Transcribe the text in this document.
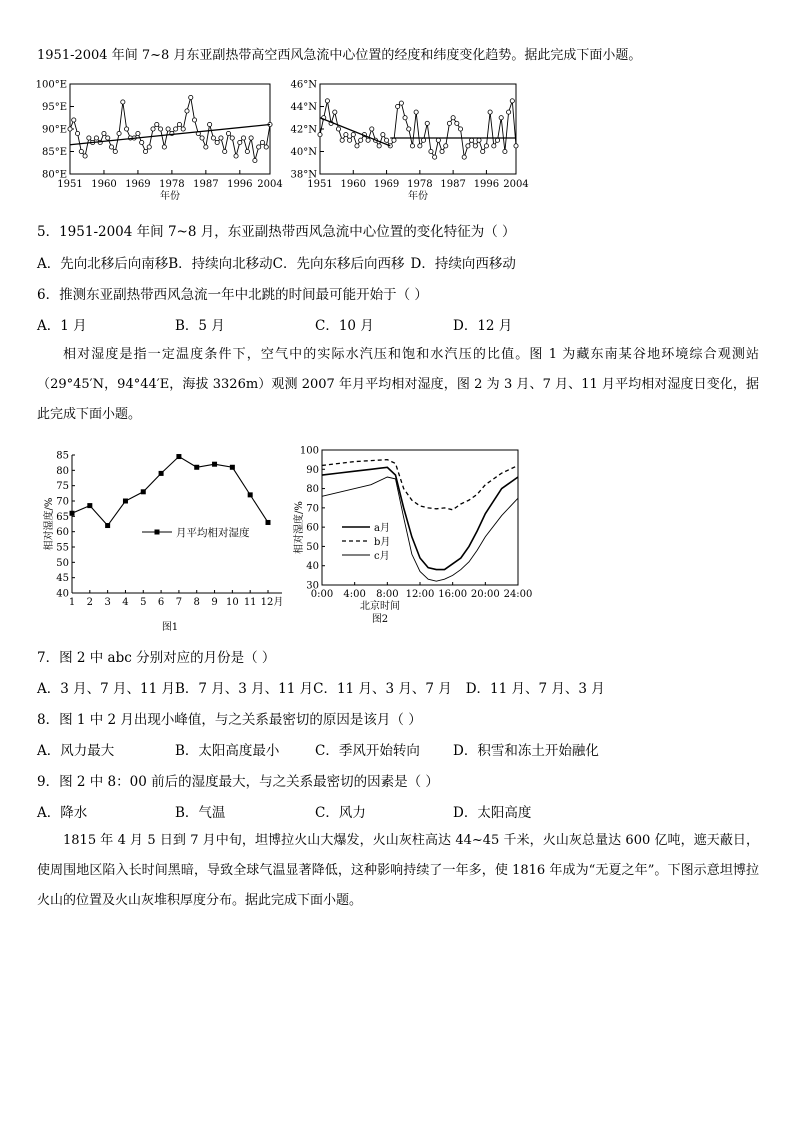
1951-2004 年间 7~8 月东亚副热带高空西风急流中心位置的经度和纬度变化趋势。据此完成下面小题。
80°E
85°E
90°E
95°E
100°E
1951 1960 1969 1978 1987 1996 2004
年份
38°N
40°N
42°N
44°N
46°N
1951 1960 1969 1978 1987 1996 2004
年份
5．1951-2004 年间 7~8 月，东亚副热带西风急流中心位置的变化特征为（ ）
A．先向北移后向南移B．持续向北移动C．先向东移后向西移 D．持续向西移动
6．推测东亚副热带西风急流一年中北跳的时间最可能开始于（ ）
A．1 月	B．5 月	C．10 月	D．12 月
相对湿度是指一定温度条件下，空气中的实际水汽压和饱和水汽压的比值。图 1 为藏东南某谷地环境综合观测站（29°45′N，94°44′E，海拔 3326m）观测 2007 年月平均相对湿度，图 2 为 3 月、7 月、11 月平均相对湿度日变化，据此完成下面小题。
40
45
50
55
60
65
70
75
80
85
1 2 3 4 5 6 7 8 9 10 11 12月
月平均相对湿度
相对湿度/%
图1
30
40
50
60
70
80
90
100
0:00 4:00 8:00 12:00 16:00 20:00 24:00
a月
b月
c月
北京时间
相对湿度/%
图2
7．图 2 中 abc 分别对应的月份是（ ）
A．3 月、7 月、11 月B．7 月、3 月、11 月C．11 月、3 月、7 月 D．11 月、7 月、3 月
8．图 1 中 2 月出现小峰值，与之关系最密切的原因是该月（ ）
A．风力最大	B．太阳高度最小	C．季风开始转向 D．积雪和冻土开始融化
9．图 2 中 8：00 前后的湿度最大，与之关系最密切的因素是（ ）
A．降水	B．气温	C．风力	D．太阳高度
1815 年 4 月 5 日到 7 月中旬，坦博拉火山大爆发，火山灰柱高达 44~45 千米，火山灰总量达 600 亿吨，遮天蔽日，使周围地区陷入长时间黑暗，导致全球气温显著降低，这种影响持续了一年多，使 1816 年成为“无夏之年”。下图示意坦博拉火山的位置及火山灰堆积厚度分布。据此完成下面小题。
